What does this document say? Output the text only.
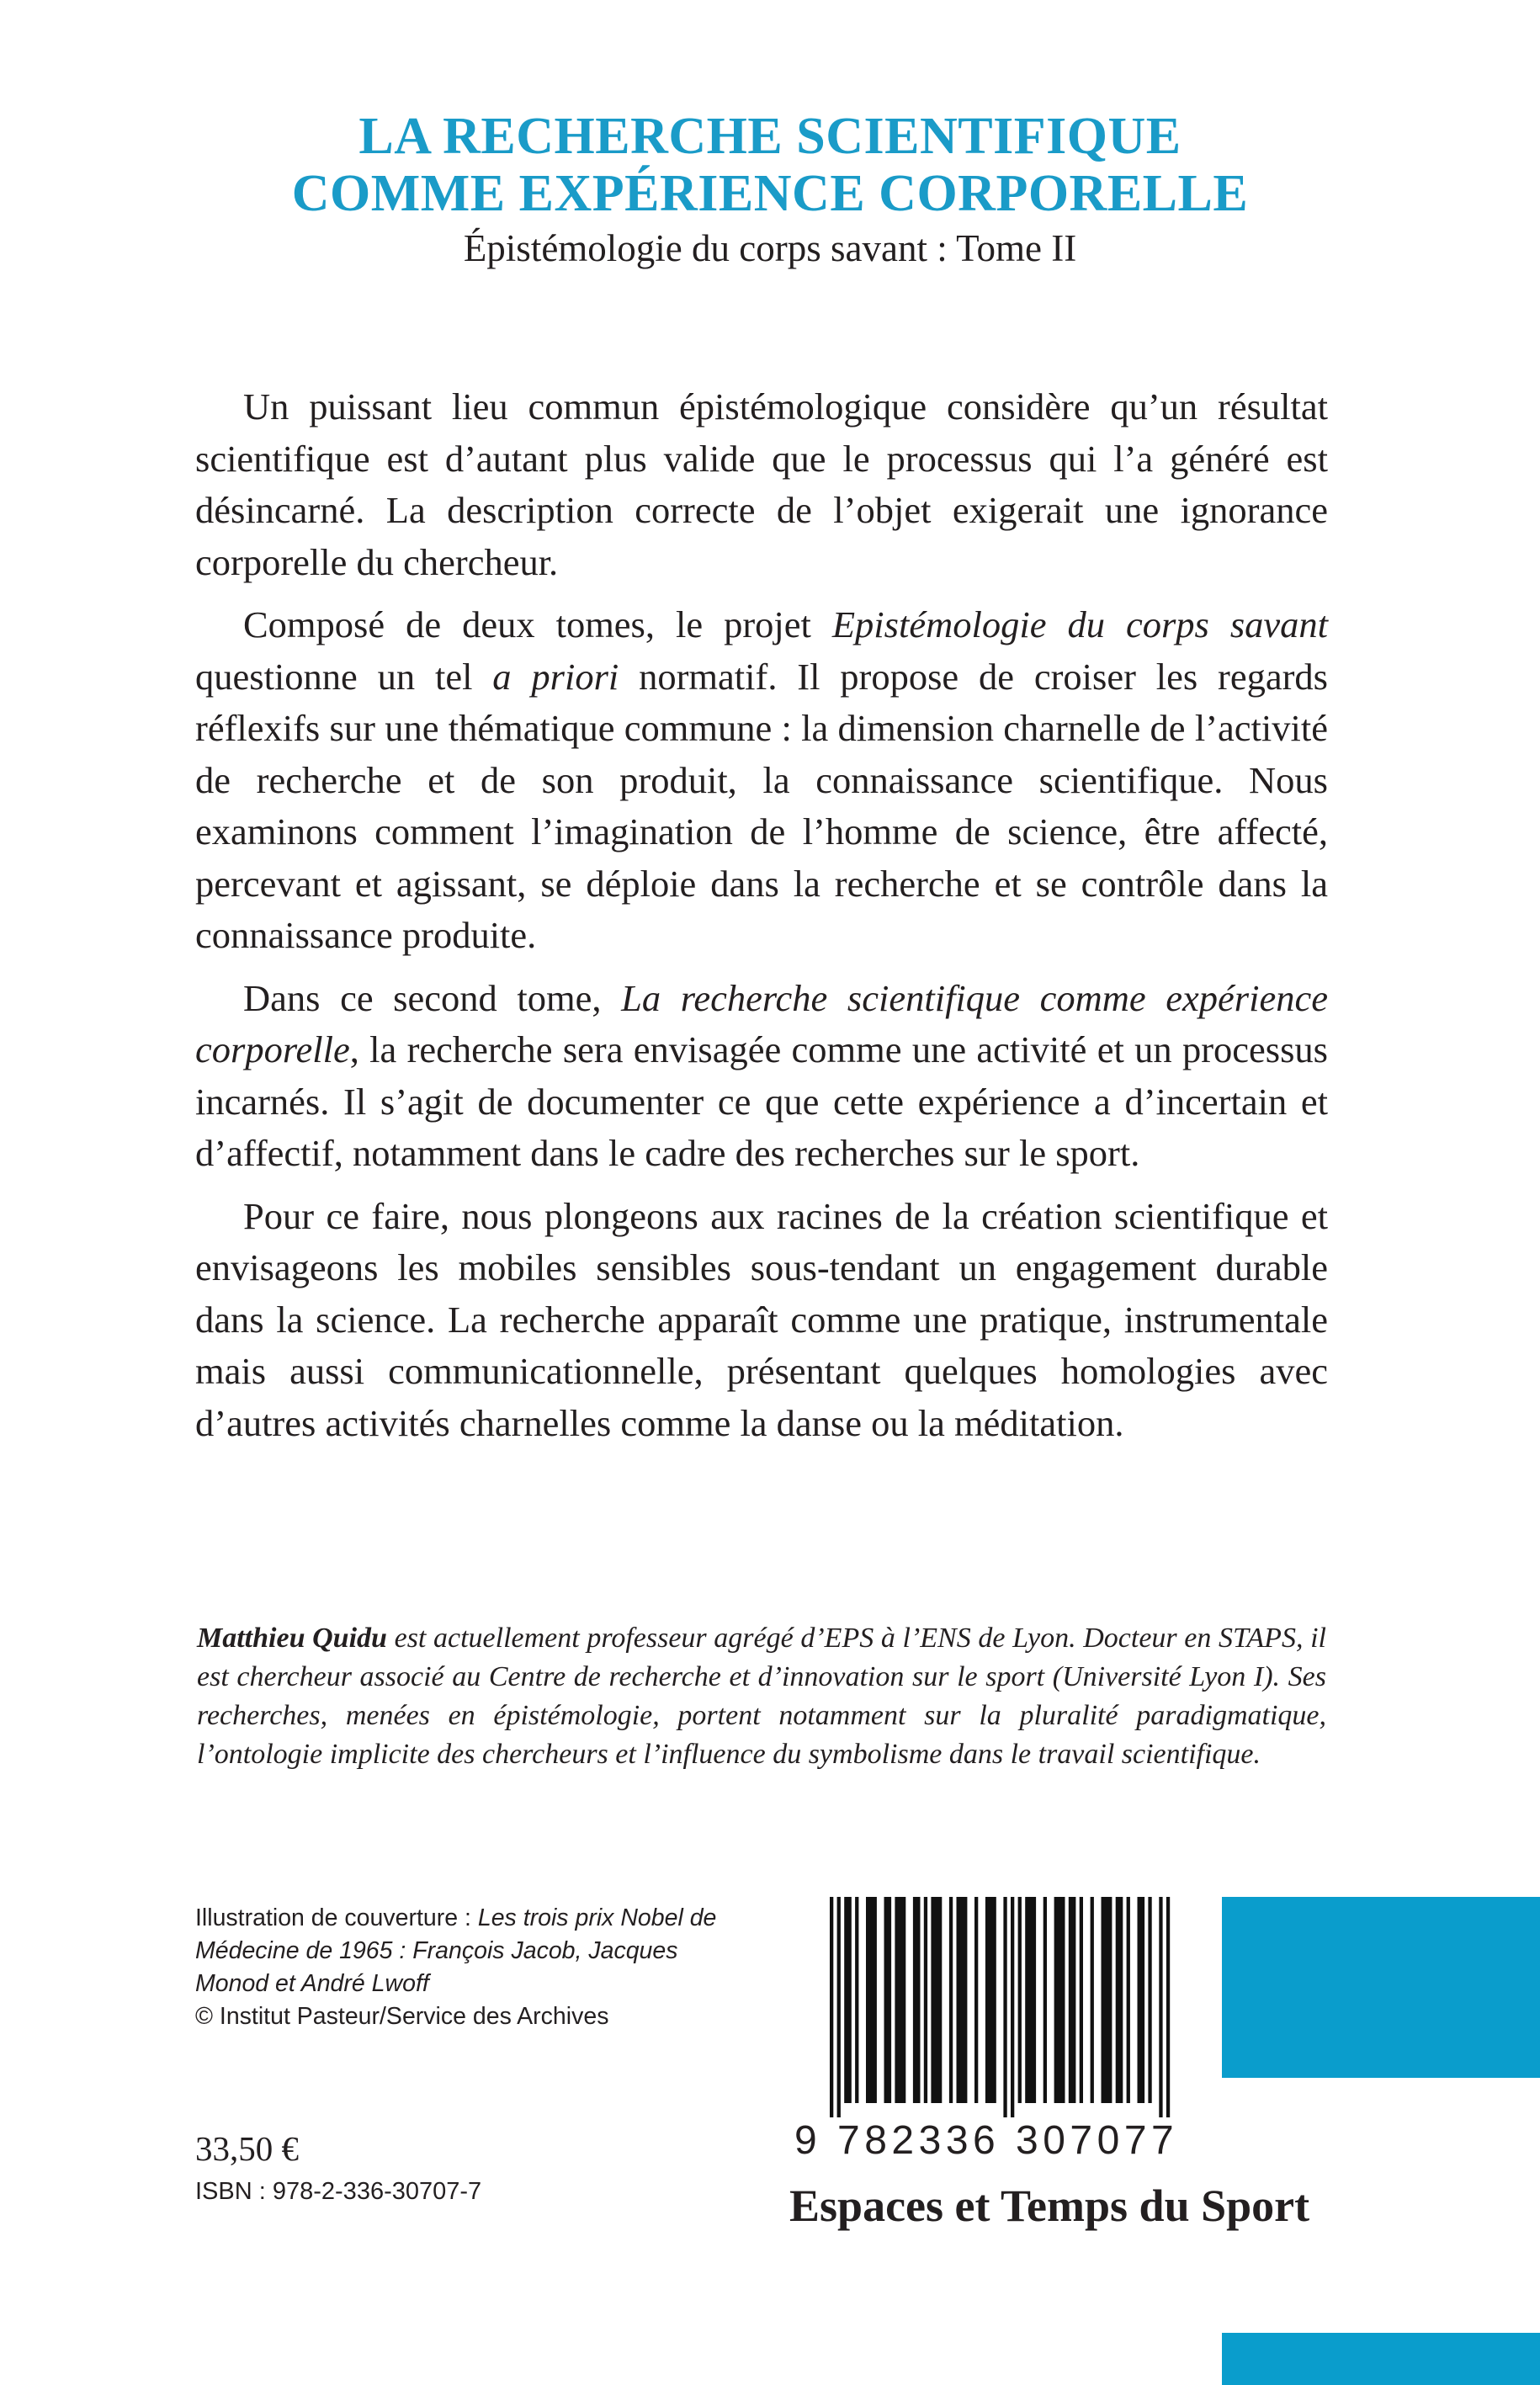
LA RECHERCHE SCIENTIFIQUE
COMME EXPÉRIENCE CORPORELLE
Épistémologie du corps savant : Tome II

Un puissant lieu commun épistémologique considère qu’un résultat scientifique est d’autant plus valide que le processus qui l’a généré est désincarné. La description correcte de l’objet exigerait une ignorance corporelle du chercheur.

Composé de deux tomes, le projet Epistémologie du corps savant questionne un tel a priori normatif. Il propose de croiser les regards réflexifs sur une thématique commune : la dimension charnelle de l’activité de recherche et de son produit, la connaissance scientifique. Nous examinons comment l’imagination de l’homme de science, être affecté, percevant et agissant, se déploie dans la recherche et se contrôle dans la connaissance produite.

Dans ce second tome, La recherche scientifique comme expérience corporelle, la recherche sera envisagée comme une activité et un processus incarnés. Il s’agit de documenter ce que cette expérience a d’incertain et d’affectif, notamment dans le cadre des recherches sur le sport.

Pour ce faire, nous plongeons aux racines de la création scientifique et envisageons les mobiles sensibles sous-tendant un engagement durable dans la science. La recherche apparaît comme une pratique, instrumentale mais aussi communicationnelle, présentant quelques homologies avec d’autres activités charnelles comme la danse ou la méditation.

Matthieu Quidu est actuellement professeur agrégé d’EPS à l’ENS de Lyon. Docteur en STAPS, il est chercheur associé au Centre de recherche et d’innovation sur le sport (Université Lyon I). Ses recherches, menées en épistémologie, portent notamment sur la pluralité paradigmatique, l’ontologie implicite des chercheurs et l’influence du symbolisme dans le travail scientifique.
Illustration de couverture : Les trois prix Nobel de Médecine de 1965 : François Jacob, Jacques Monod et André Lwoff
© Institut Pasteur/Service des Archives
33,50 €
ISBN : 978-2-336-30707-7
9 782336 307077
Espaces et Temps du Sport
